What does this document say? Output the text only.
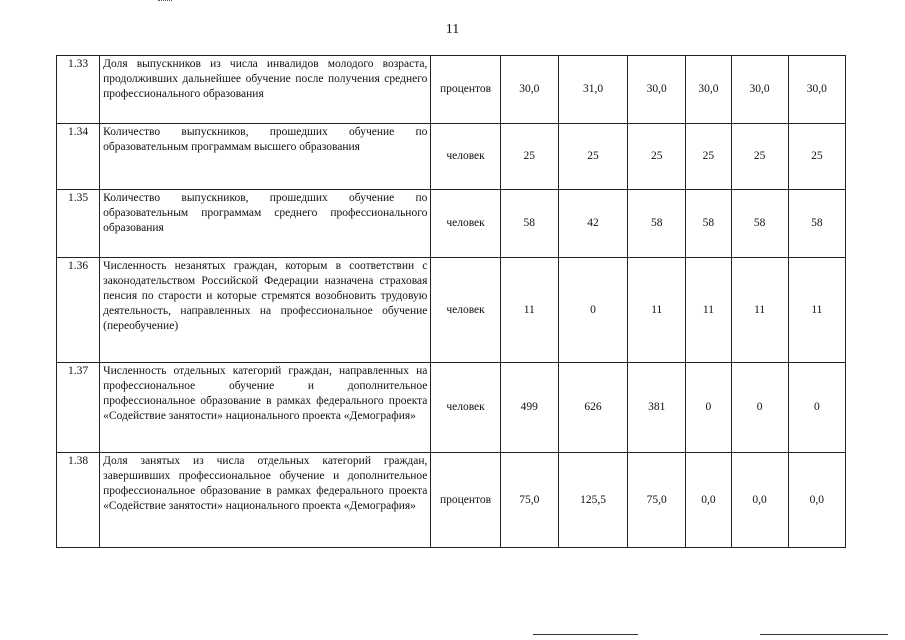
11
1.33	Доля выпускников из числа инвалидов молодого возраста, продолживших дальнейшее обучение после получения среднего профессионального образования	процентов	30,0	31,0	30,0	30,0	30,0	30,0
1.34	Количество выпускников, прошедших обучение по образовательным программам высшего образования	человек	25	25	25	25	25	25
1.35	Количество выпускников, прошедших обучение по образовательным программам среднего профессионального образования	человек	58	42	58	58	58	58
1.36	Численность незанятых граждан, которым в соответствии с законодательством Российской Федерации назначена страховая пенсия по старости и которые стремятся возобновить трудовую деятельность, направленных на профессиональное обучение (переобучение)	человек	11	0	11	11	11	11
1.37	Численность отдельных категорий граждан, направленных на профессиональное обучение и дополнительное профессиональное образование в рамках федерального проекта «Содействие занятости» национального проекта «Демография»	человек	499	626	381	0	0	0
1.38	Доля занятых из числа отдельных категорий граждан, завершивших профессиональное обучение и дополнительное профессиональное образование в рамках федерального проекта «Содействие занятости» национального проекта «Демография»	процентов	75,0	125,5	75,0	0,0	0,0	0,0
